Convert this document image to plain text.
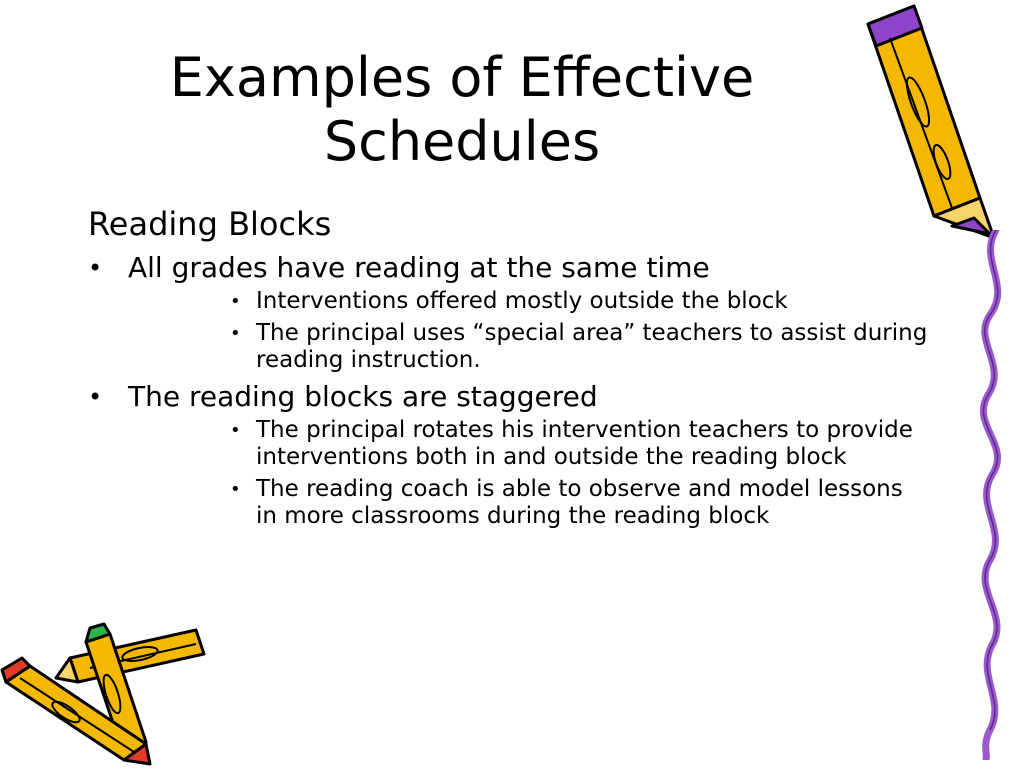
Examples of Effective Schedules
Reading Blocks
• All grades have reading at the same time
• Interventions offered mostly outside the block
• The principal uses “special area” teachers to assist during reading instruction.
• The reading blocks are staggered
• The principal rotates his intervention teachers to provide interventions both in and outside the reading block
• The reading coach is able to observe and model lessons in more classrooms during the reading block
